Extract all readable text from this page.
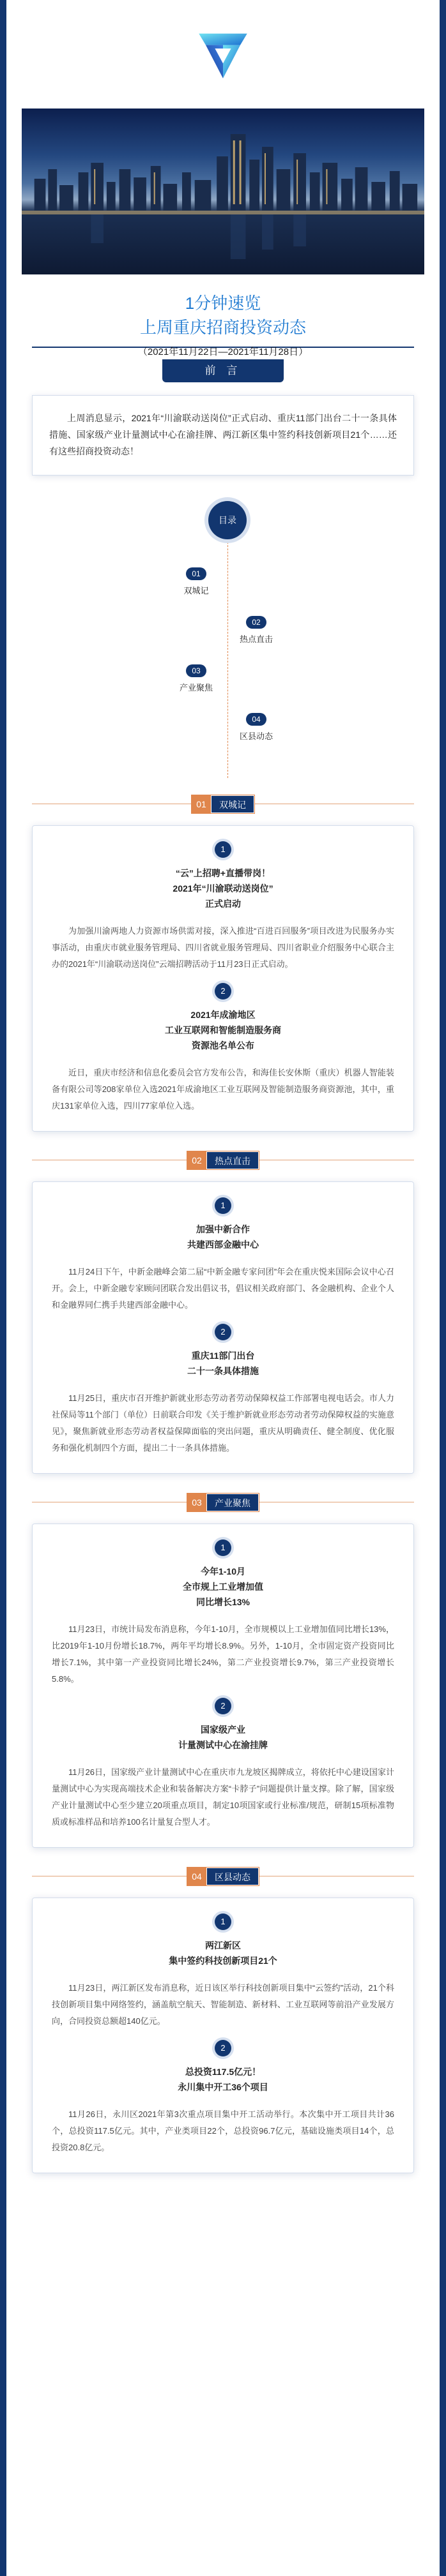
1分钟速览
上周重庆招商投资动态
（2021年11月22日—2021年11月28日）
前 言
上周消息显示，2021年“川渝联动送岗位”正式启动、重庆11部门出台二十一条具体措施、国家级产业计量测试中心在渝挂牌、两江新区集中签约科技创新项目21个……还有这些招商投资动态！
目录
01
双城记
02
热点直击
03
产业聚焦
04
区县动态
01	双城记
1
“云”上招聘+直播带岗！
2021年“川渝联动送岗位”
正式启动
为加强川渝两地人力资源市场供需对接，深入推进“百进百回服务”项目改进为民服务办实事活动，由重庆市就业服务管理局、四川省就业服务管理局、四川省职业介绍服务中心联合主办的2021年“川渝联动送岗位”云端招聘活动于11月23日正式启动。
2
2021年成渝地区
工业互联网和智能制造服务商
资源池名单公布
近日，重庆市经济和信息化委员会官方发布公告，和海佳长安休斯（重庆）机器人智能装备有限公司等208家单位入选2021年成渝地区工业互联网及智能制造服务商资源池，其中，重庆131家单位入选，四川77家单位入选。
02	热点直击
1
加强中新合作
共建西部金融中心
11月24日下午，中新金融峰会第二届“中新金融专家问团”年会在重庆悦来国际会议中心召开。会上，中新金融专家顾问团联合发出倡议书，倡议相关政府部门、各金融机构、企业个人和金融界同仁携手共建西部金融中心。
2
重庆11部门出台
二十一条具体措施
11月25日，重庆市召开维护新就业形态劳动者劳动保障权益工作部署电视电话会。市人力社保局等11个部门（单位）日前联合印发《关于维护新就业形态劳动者劳动保障权益的实施意见》，聚焦新就业形态劳动者权益保障面临的突出问题，重庆从明确责任、健全制度、优化服务和强化机制四个方面，提出二十一条具体措施。
03	产业聚焦
1
今年1-10月
全市规上工业增加值
同比增长13%
11月23日，市统计局发布消息称，今年1-10月，全市规模以上工业增加值同比增长13%，比2019年1-10月份增长18.7%，两年平均增长8.9%。另外，1-10月，全市固定资产投资同比增长7.1%，其中第一产业投资同比增长24%，第二产业投资增长9.7%，第三产业投资增长5.8%。
2
国家级产业
计量测试中心在渝挂牌
11月26日，国家级产业计量测试中心在重庆市九龙坡区揭牌成立，将依托中心建设国家计量测试中心为实现高端技术企业和装备解决方案“卡脖子”问题提供计量支撑。除了解，国家级产业计量测试中心至少建立20项重点项目，制定10项国家或行业标准/规范，研制15项标准物质或标准样品和培养100名计量复合型人才。
04	区县动态
1
两江新区
集中签约科技创新项目21个
11月23日，两江新区发布消息称，近日该区举行科技创新项目集中“云签约”活动，21个科技创新项目集中网络签约，涵盖航空航天、智能制造、新材料、工业互联网等前沿产业发展方向，合同投资总额超140亿元。
2
总投资117.5亿元！
永川集中开工36个项目
11月26日，永川区2021年第3次重点项目集中开工活动举行。本次集中开工项目共计36个，总投资117.5亿元。其中，产业类项目22个，总投资96.7亿元，基础设施类项目14个，总投资20.8亿元。
